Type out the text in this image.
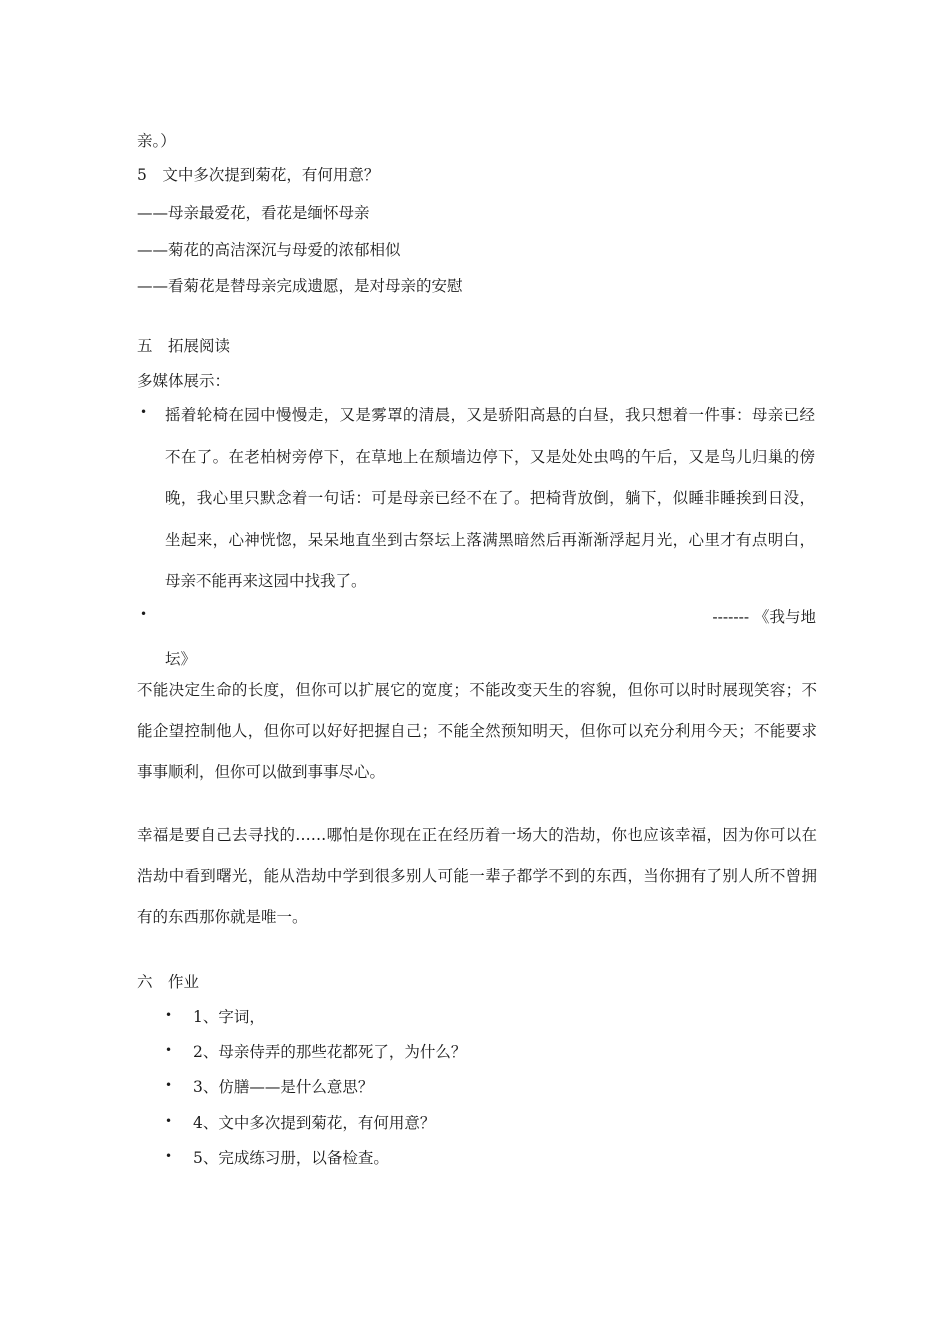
亲。）
5　文中多次提到菊花，有何用意？
——母亲最爱花，看花是缅怀母亲
——菊花的高洁深沉与母爱的浓郁相似
——看菊花是替母亲完成遗愿，是对母亲的安慰
五　拓展阅读
多媒体展示：
• 摇着轮椅在园中慢慢走，又是雾罩的清晨，又是骄阳高悬的白昼，我只想着一件事：母亲已经不在了。在老柏树旁停下，在草地上在颓墙边停下，又是处处虫鸣的午后，又是鸟儿归巢的傍晚，我心里只默念着一句话：可是母亲已经不在了。把椅背放倒，躺下，似睡非睡挨到日没，坐起来，心神恍惚，呆呆地直坐到古祭坛上落满黑暗然后再渐渐浮起月光，心里才有点明白，母亲不能再来这园中找我了。
•	------- 《我与地
坛》
不能决定生命的长度，但你可以扩展它的宽度；不能改变天生的容貌，但你可以时时展现笑容；不能企望控制他人，但你可以好好把握自己；不能全然预知明天，但你可以充分利用今天；不能要求事事顺利，但你可以做到事事尽心。
幸福是要自己去寻找的……哪怕是你现在正在经历着一场大的浩劫，你也应该幸福，因为你可以在浩劫中看到曙光，能从浩劫中学到很多别人可能一辈子都学不到的东西，当你拥有了别人所不曾拥有的东西那你就是唯一。
六　作业
• 1、字词，
• 2、母亲侍弄的那些花都死了，为什么？
• 3、仿膳——是什么意思？
• 4、文中多次提到菊花，有何用意？
• 5、完成练习册，以备检查。
